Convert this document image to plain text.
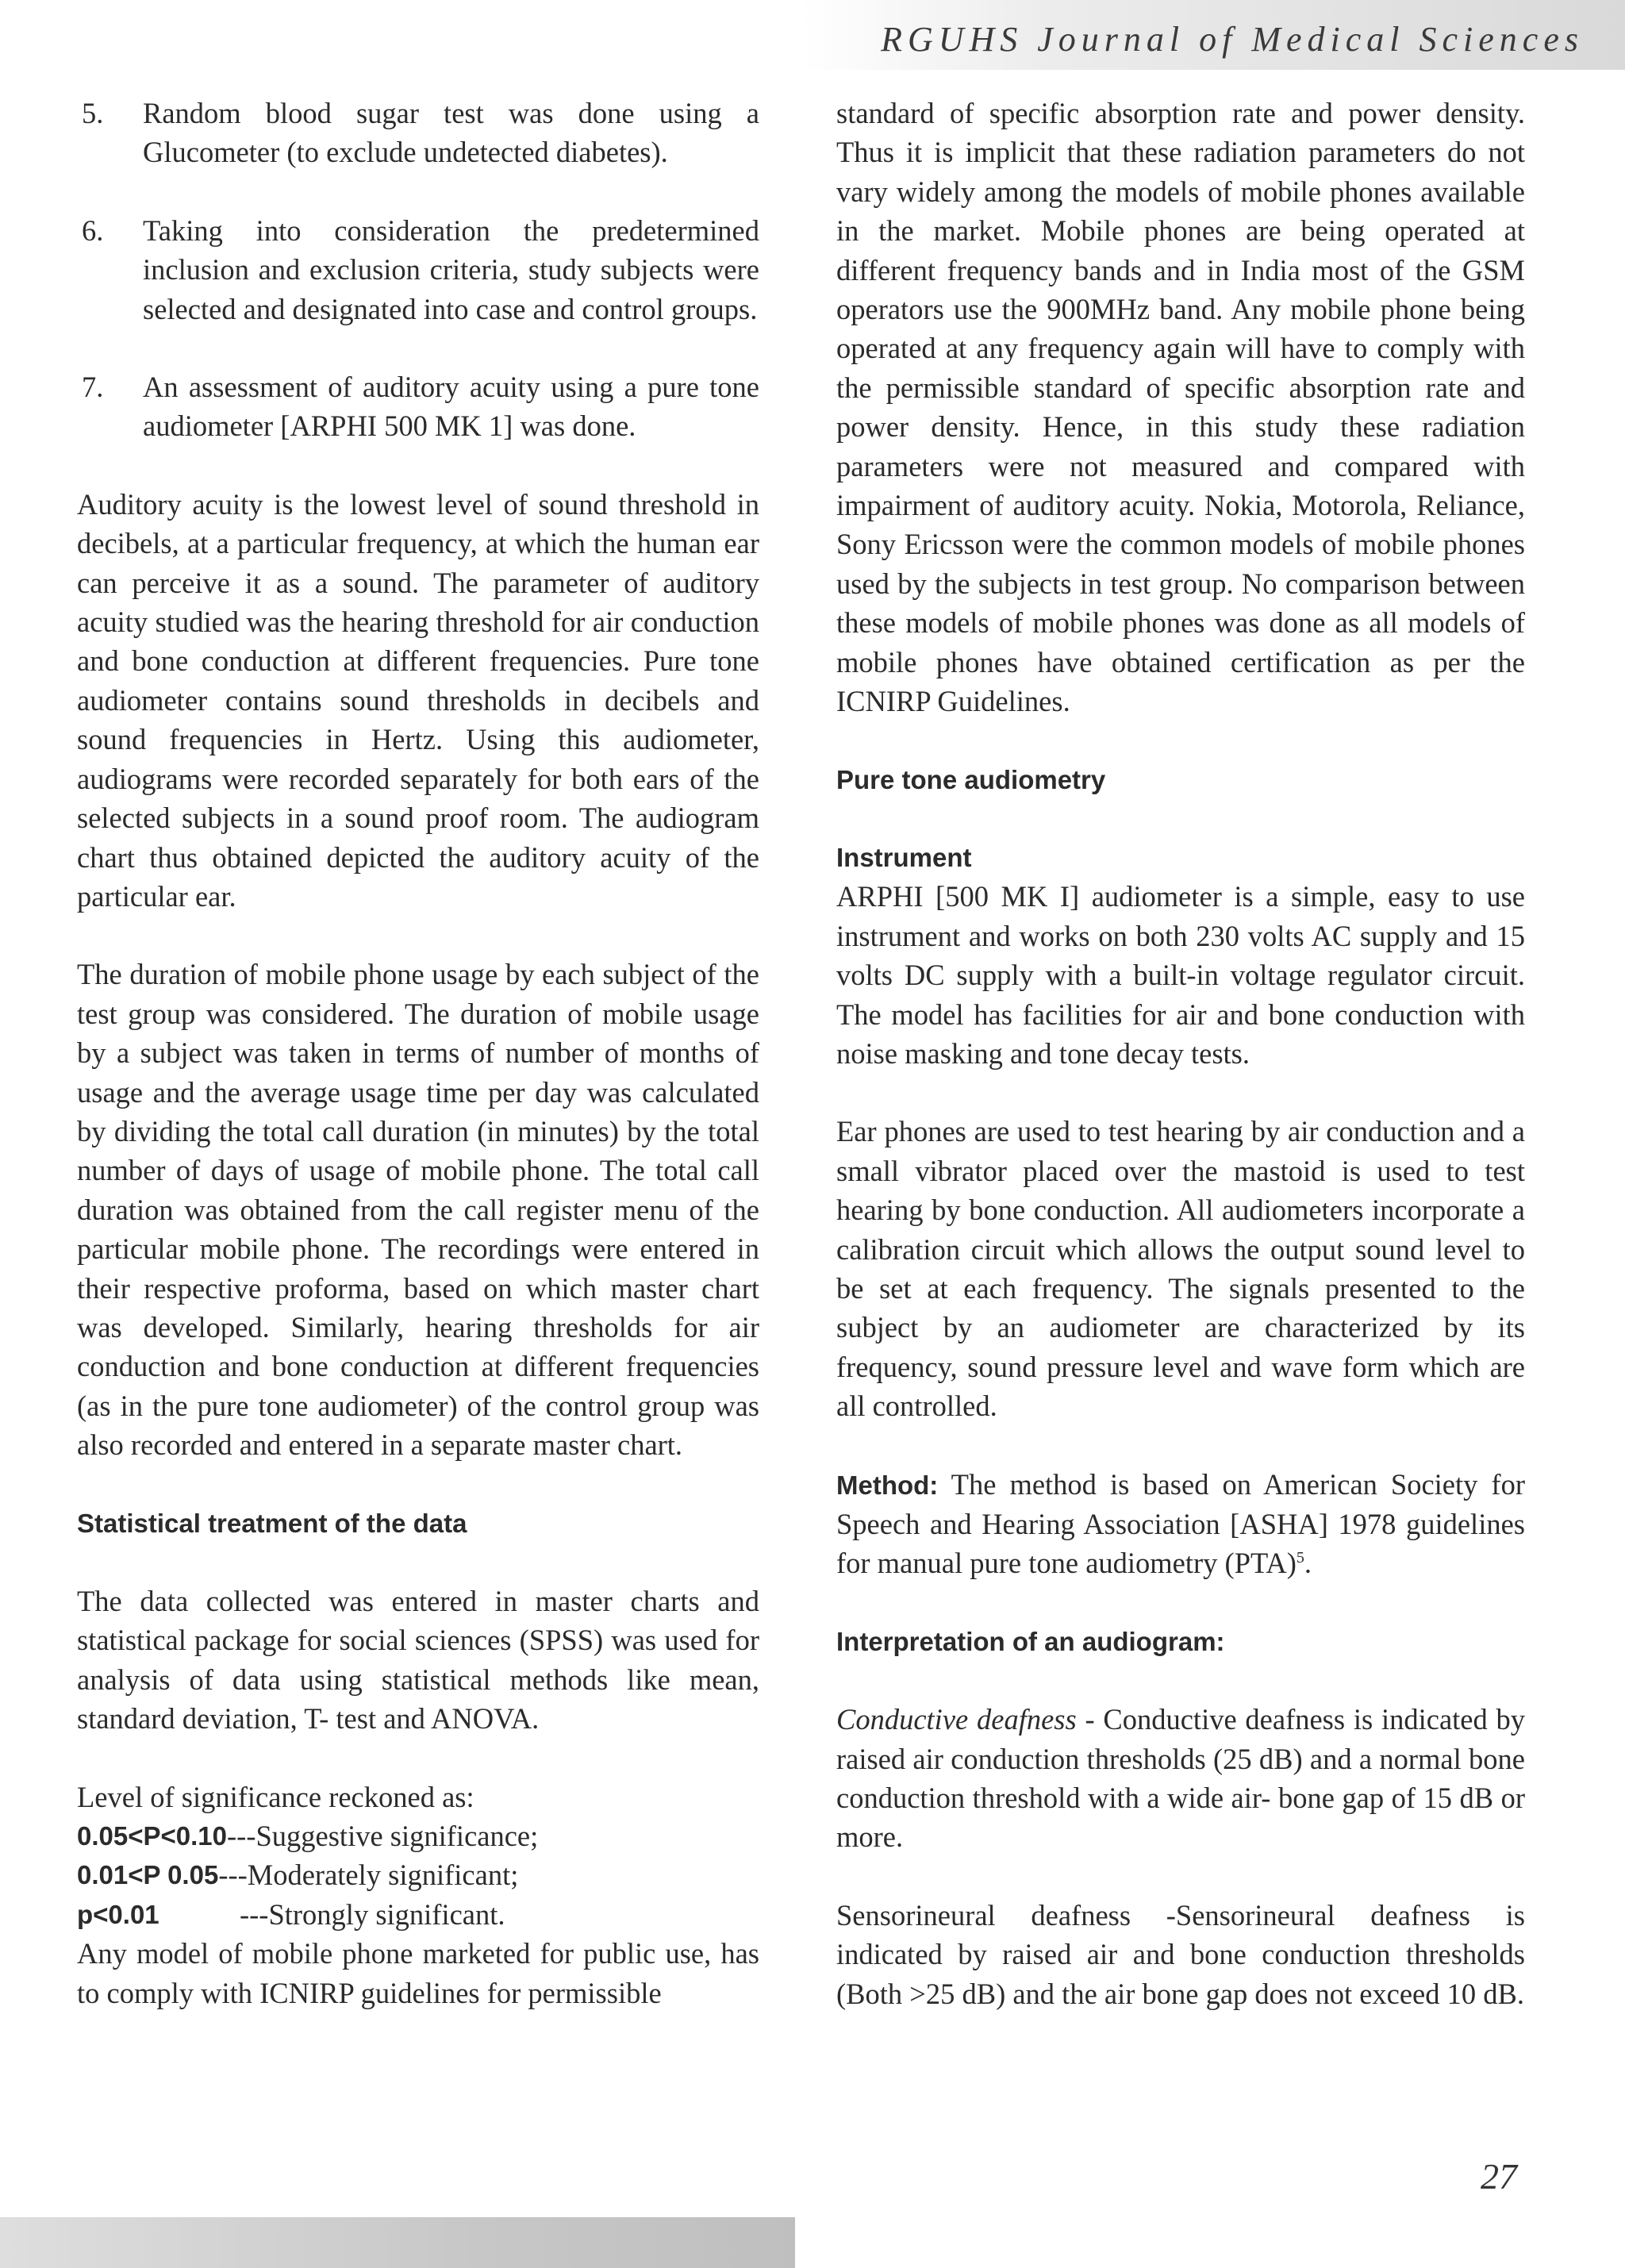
RGUHS Journal of Medical Sciences
5. Random blood sugar test was done using a Glucometer (to exclude undetected diabetes).

6. Taking into consideration the predetermined inclusion and exclusion criteria, study subjects were selected and designated into case and control groups.

7. An assessment of auditory acuity using a pure tone audiometer [ARPHI 500 MK 1] was done.

Auditory acuity is the lowest level of sound threshold in decibels, at a particular frequency, at which the human ear can perceive it as a sound. The parameter of auditory acuity studied was the hearing threshold for air conduction and bone conduction at different frequencies. Pure tone audiometer contains sound thresholds in decibels and sound frequencies in Hertz. Using this audiometer, audiograms were recorded separately for both ears of the selected subjects in a sound proof room. The audiogram chart thus obtained depicted the auditory acuity of the particular ear.

The duration of mobile phone usage by each subject of the test group was considered. The duration of mobile usage by a subject was taken in terms of number of months of usage and the average usage time per day was calculated by dividing the total call duration (in minutes) by the total number of days of usage of mobile phone. The total call duration was obtained from the call register menu of the particular mobile phone. The recordings were entered in their respective proforma, based on which master chart was developed. Similarly, hearing thresholds for air conduction and bone conduction at different frequencies (as in the pure tone audiometer) of the control group was also recorded and entered in a separate master chart.

Statistical treatment of the data

The data collected was entered in master charts and statistical package for social sciences (SPSS) was used for analysis of data using statistical methods like mean, standard deviation, T- test and ANOVA.

Level of significance reckoned as:

0.05<P<0.10 ---Suggestive significance;
0.01<P 0.05 ---Moderately significant;
p<0.01	---Strongly significant.

Any model of mobile phone marketed for public use, has to comply with ICNIRP guidelines for permissible

standard of specific absorption rate and power density. Thus it is implicit that these radiation parameters do not vary widely among the models of mobile phones available in the market. Mobile phones are being operated at different frequency bands and in India most of the GSM operators use the 900MHz band. Any mobile phone being operated at any frequency again will have to comply with the permissible standard of specific absorption rate and power density. Hence, in this study these radiation parameters were not measured and compared with impairment of auditory acuity. Nokia, Motorola, Reliance, Sony Ericsson were the common models of mobile phones used by the subjects in test group. No comparison between these models of mobile phones was done as all models of mobile phones have obtained certification as per the ICNIRP Guidelines.

Pure tone audiometry

Instrument

ARPHI [500 MK I] audiometer is a simple, easy to use instrument and works on both 230 volts AC supply and 15 volts DC supply with a built-in voltage regulator circuit. The model has facilities for air and bone conduction with noise masking and tone decay tests.

Ear phones are used to test hearing by air conduction and a small vibrator placed over the mastoid is used to test hearing by bone conduction. All audiometers incorporate a calibration circuit which allows the output sound level to be set at each frequency. The signals presented to the subject by an audiometer are characterized by its frequency, sound pressure level and wave form which are all controlled.

Method: The method is based on American Society for Speech and Hearing Association [ASHA] 1978 guidelines for manual pure tone audiometry (PTA)$^5$.

Interpretation of an audiogram:

Conductive deafness - Conductive deafness is indicated by raised air conduction thresholds (25 dB) and a normal bone conduction threshold with a wide air- bone gap of 15 dB or more.

Sensorineural deafness -Sensorineural deafness is indicated by raised air and bone conduction thresholds (Both >25 dB) and the air bone gap does not exceed 10 dB.

27
